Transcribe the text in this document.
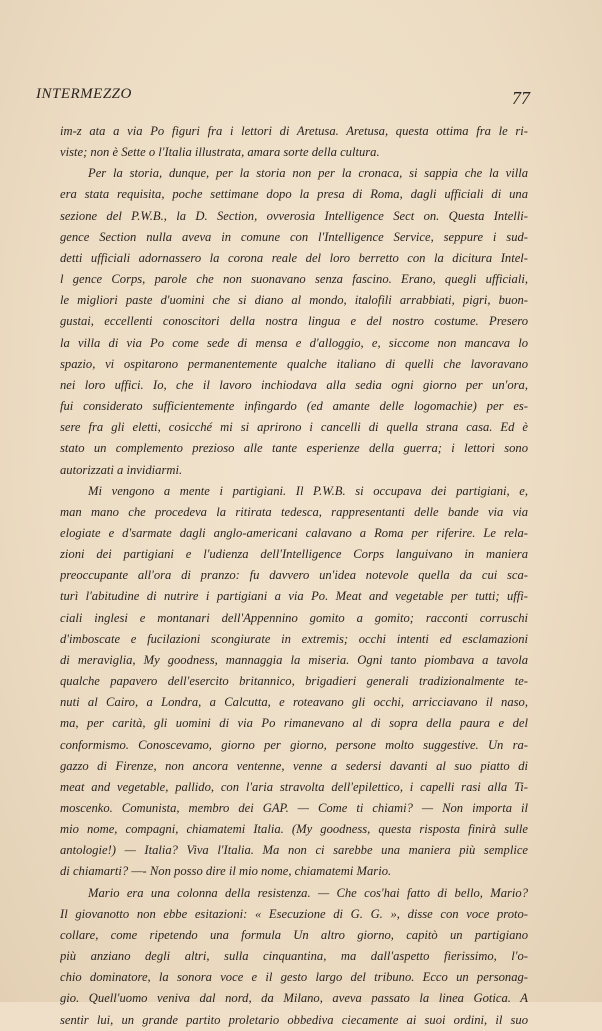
INTERMEZZO	77

im-z ata a via Po figuri fra i lettori di Aretusa. Aretusa, questa ottima fra le ri-

viste; non è Sette o l'Italia illustrata, amara sorte della cultura.

Per la storia, dunque, per la storia non per la cronaca, si sappia che la villa

era stata requisita, poche settimane dopo la presa di Roma, dagli ufficiali di una

sezione del P.W.B., la D. Section, ovverosia Intelligence Sect on. Questa Intelli-

gence Section nulla aveva in comune con l'Intelligence Service, seppure i sud-

detti ufficiali adornassero la corona reale del loro berretto con la dicitura Intel-

l gence Corps, parole che non suonavano senza fascino. Erano, quegli ufficiali,

le migliori paste d'uomini che si diano al mondo, italofili arrabbiati, pigri, buon-

gustai, eccellenti conoscitori della nostra lingua e del nostro costume. Presero

la villa di via Po come sede di mensa e d'alloggio, e, siccome non mancava lo

spazio, vi ospitarono permanentemente qualche italiano di quelli che lavoravano

nei loro uffici. Io, che il lavoro inchiodava alla sedia ogni giorno per un'ora,

fui considerato sufficientemente infingardo (ed amante delle logomachie) per es-

sere fra gli eletti, cosicché mi si aprirono i cancelli di quella strana casa. Ed è

stato un complemento prezioso alle tante esperienze della guerra; i lettori sono

autorizzati a invidiarmi.

Mi vengono a mente i partigiani. Il P.W.B. si occupava dei partigiani, e,

man mano che procedeva la ritirata tedesca, rappresentanti delle bande via via

elogiate e d'sarmate dagli anglo-americani calavano a Roma per riferire. Le rela-

zioni dei partigiani e l'udienza dell'Intelligence Corps languivano in maniera

preoccupante all'ora di pranzo: fu davvero un'idea notevole quella da cui sca-

turì l'abitudine di nutrire i partigiani a via Po. Meat and vegetable per tutti; uffi-

ciali inglesi e montanari dell'Appennino gomito a gomito; racconti corruschi

d'imboscate e fucilazioni scongiurate in extremis; occhi intenti ed esclamazioni

di meraviglia, My goodness, mannaggia la miseria. Ogni tanto piombava a tavola

qualche papavero dell'esercito britannico, brigadieri generali tradizionalmente te-

nuti al Cairo, a Londra, a Calcutta, e roteavano gli occhi, arricciavano il naso,

ma, per carità, gli uomini di via Po rimanevano al di sopra della paura e del

conformismo. Conoscevamo, giorno per giorno, persone molto suggestive. Un ra-

gazzo di Firenze, non ancora ventenne, venne a sedersi davanti al suo piatto di

meat and vegetable, pallido, con l'aria stravolta dell'epilettico, i capelli rasi alla Ti-

moscenko. Comunista, membro dei GAP. — Come ti chiami? — Non importa il

mio nome, compagni, chiamatemi Italia. (My goodness, questa risposta finirà sulle

antologie!) — Italia? Viva l'Italia. Ma non ci sarebbe una maniera più semplice

di chiamarti? —- Non posso dire il mio nome, chiamatemi Mario.

Mario era una colonna della resistenza. — Che cos'hai fatto di bello, Mario?

Il giovanotto non ebbe esitazioni: « Esecuzione di G. G. », disse con voce proto-

collare, come ripetendo una formula Un altro giorno, capitò un partigiano

più anziano degli altri, sulla cinquantina, ma dall'aspetto fierissimo, l'o-

chio dominatore, la sonora voce e il gesto largo del tribuno. Ecco un personag-

gio. Quell'uomo veniva dal nord, da Milano, aveva passato la linea Gotica. A

sentir lui, un grande partito proletario obbediva ciecamente ai suoi ordini, il suo
